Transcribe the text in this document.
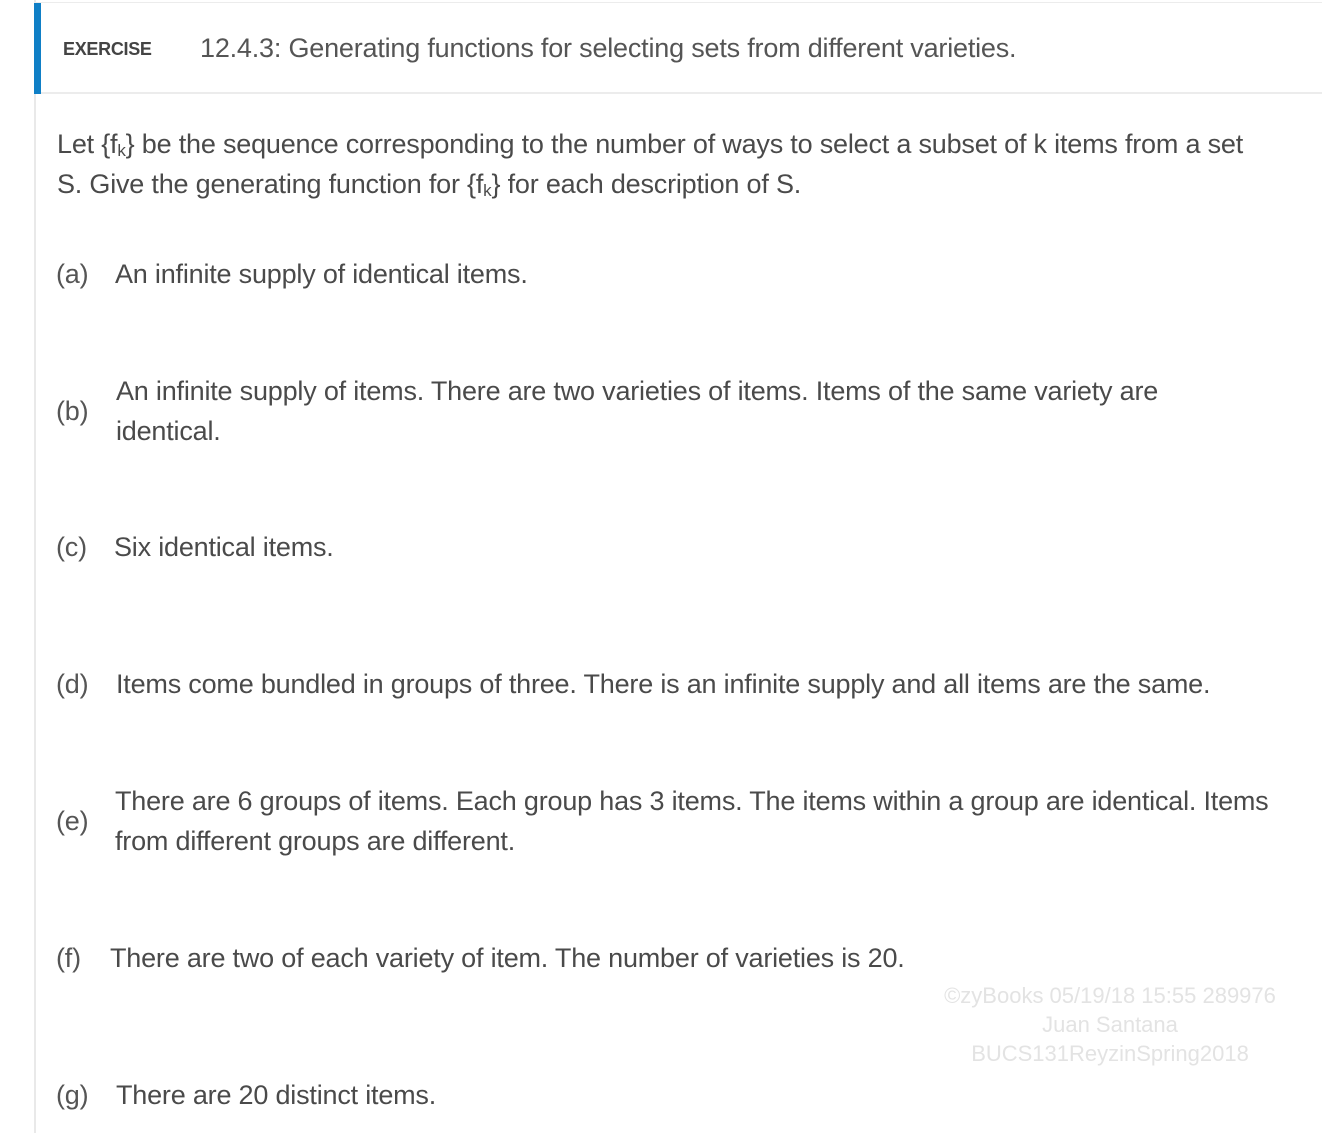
EXERCISE 12.4.3: Generating functions for selecting sets from different varieties.
Let $\{f_k\}$ be the sequence corresponding to the number of ways to select a subset of k items from a set
S. Give the generating function for $\{f_k\}$ for each description of S.
(a) An infinite supply of identical items.
(b)
An infinite supply of items. There are two varieties of items. Items of the same variety are identical.
(c)	Six identical items.
(d)	Items come bundled in groups of three. There is an infinite supply and all items are the same.
(e)
There are 6 groups of items. Each group has 3 items. The items within a group are identical. Items from different groups are different.
(f)	There are two of each variety of item. The number of varieties is 20.
©zyBooks 05/19/18 15:55 289976
Juan Santana
BUCS131ReyzinSpring2018
(g)	There are 20 distinct items.
